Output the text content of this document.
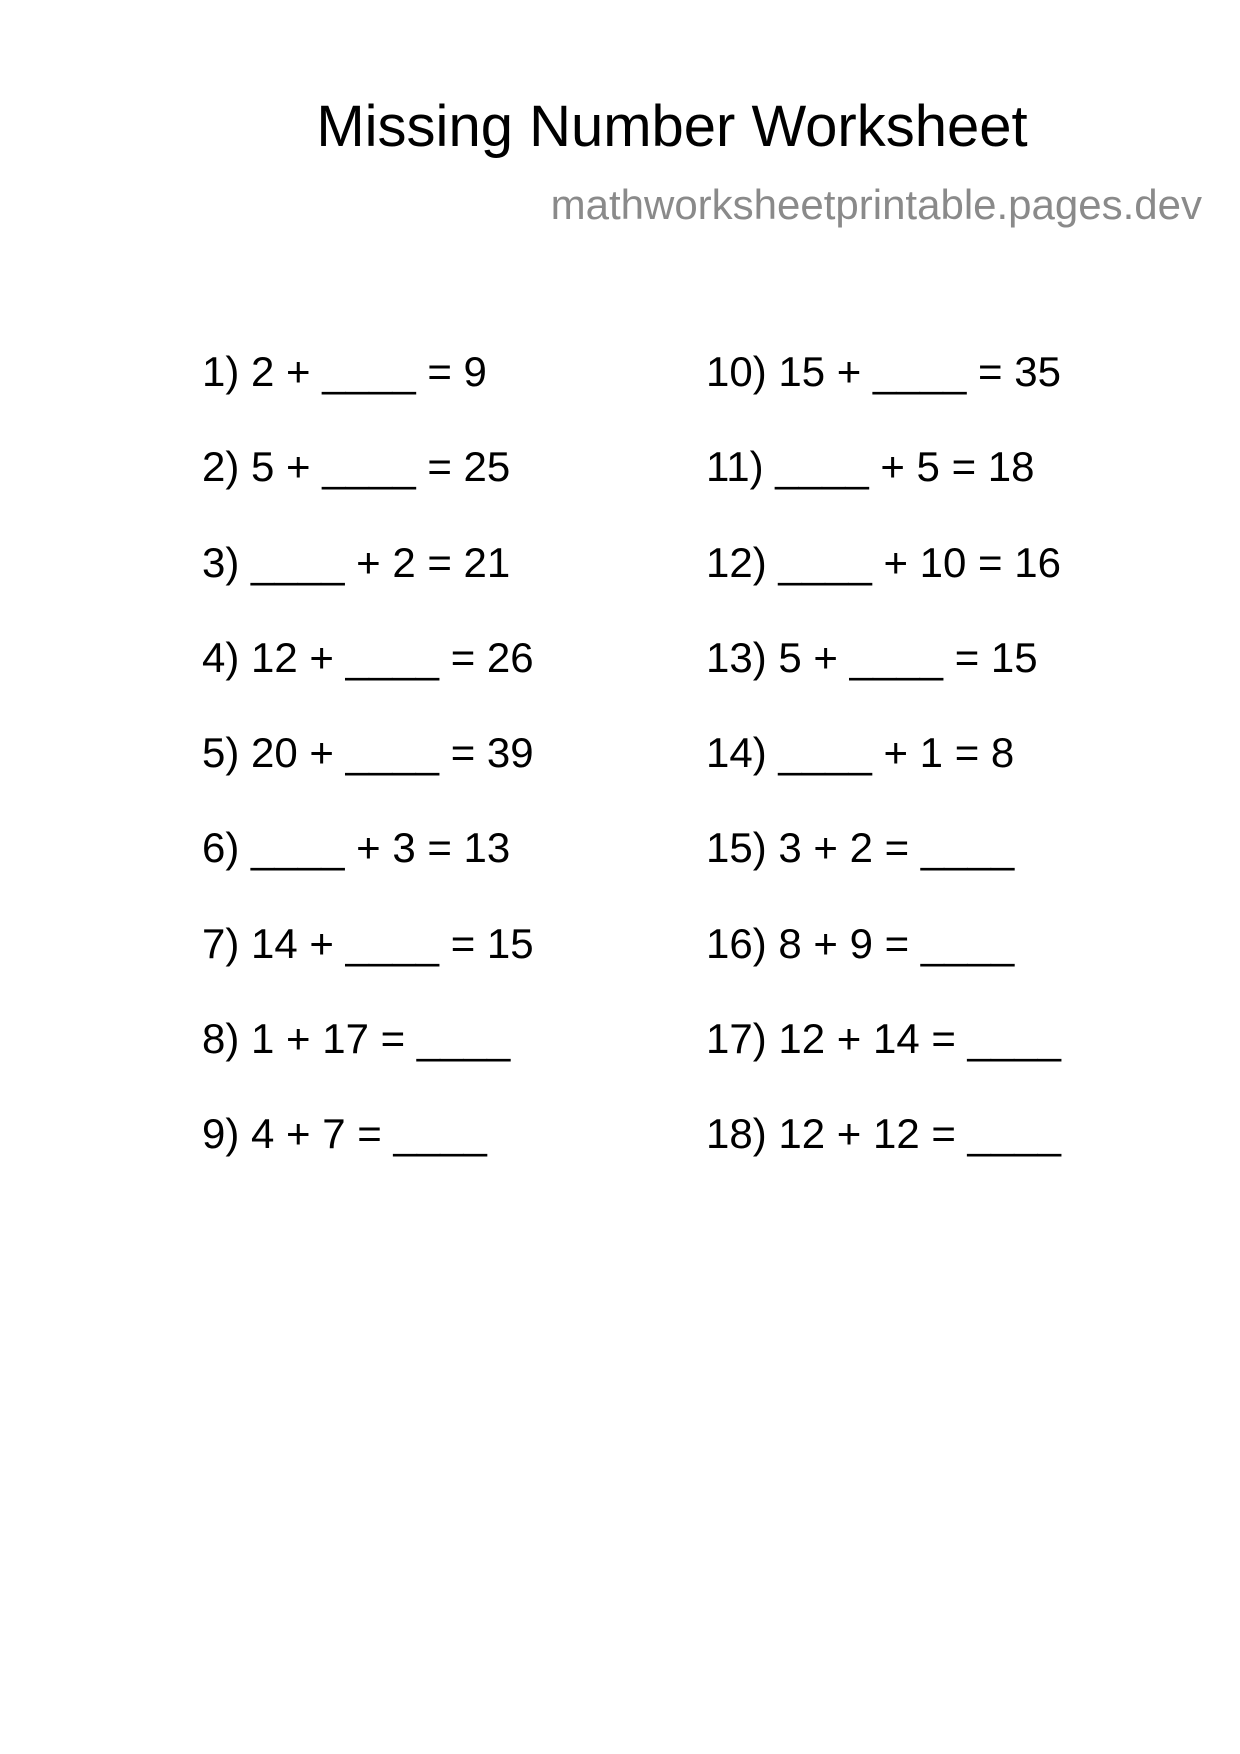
Missing Number Worksheet
mathworksheetprintable.pages.dev
1) 2 + ____ = 9
2) 5 + ____ = 25
3) ____ + 2 = 21
4) 12 + ____ = 26
5) 20 + ____ = 39
6) ____ + 3 = 13
7) 14 + ____ = 15
8) 1 + 17 = ____
9) 4 + 7 = ____
10) 15 + ____ = 35
11) ____ + 5 = 18
12) ____ + 10 = 16
13) 5 + ____ = 15
14) ____ + 1 = 8
15) 3 + 2 = ____
16) 8 + 9 = ____
17) 12 + 14 = ____
18) 12 + 12 = ____
